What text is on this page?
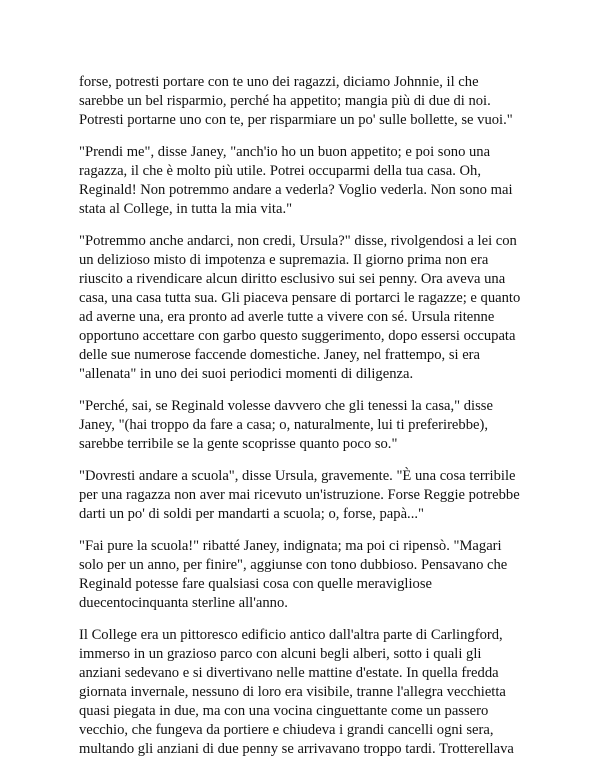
forse, potresti portare con te uno dei ragazzi, diciamo Johnnie, il che
sarebbe un bel risparmio, perché ha appetito; mangia più di due di noi.
Potresti portarne uno con te, per risparmiare un po' sulle bollette, se vuoi."

"Prendi me", disse Janey, "anch'io ho un buon appetito; e poi sono una
ragazza, il che è molto più utile. Potrei occuparmi della tua casa. Oh,
Reginald! Non potremmo andare a vederla? Voglio vederla. Non sono mai
stata al College, in tutta la mia vita."

"Potremmo anche andarci, non credi, Ursula?" disse, rivolgendosi a lei con
un delizioso misto di impotenza e supremazia. Il giorno prima non era
riuscito a rivendicare alcun diritto esclusivo sui sei penny. Ora aveva una
casa, una casa tutta sua. Gli piaceva pensare di portarci le ragazze; e quanto
ad averne una, era pronto ad averle tutte a vivere con sé. Ursula ritenne
opportuno accettare con garbo questo suggerimento, dopo essersi occupata
delle sue numerose faccende domestiche. Janey, nel frattempo, si era
"allenata" in uno dei suoi periodici momenti di diligenza.

"Perché, sai, se Reginald volesse davvero che gli tenessi la casa," disse
Janey, "(hai troppo da fare a casa; o, naturalmente, lui ti preferirebbe),
sarebbe terribile se la gente scoprisse quanto poco so."

"Dovresti andare a scuola", disse Ursula, gravemente. "È una cosa terribile
per una ragazza non aver mai ricevuto un'istruzione. Forse Reggie potrebbe
darti un po' di soldi per mandarti a scuola; o, forse, papà..."

"Fai pure la scuola!" ribatté Janey, indignata; ma poi ci ripensò. "Magari
solo per un anno, per finire", aggiunse con tono dubbioso. Pensavano che
Reginald potesse fare qualsiasi cosa con quelle meravigliose
duecentocinquanta sterline all'anno.

Il College era un pittoresco edificio antico dall'altra parte di Carlingford,
immerso in un grazioso parco con alcuni begli alberi, sotto i quali gli
anziani sedevano e si divertivano nelle mattine d'estate. In quella fredda
giornata invernale, nessuno di loro era visibile, tranne l'allegra vecchietta
quasi piegata in due, ma con una vocina cinguettante come un passero
vecchio, che fungeva da portiere e chiudeva i grandi cancelli ogni sera,
multando gli anziani di due penny se arrivavano troppo tardi. Trotterellava
